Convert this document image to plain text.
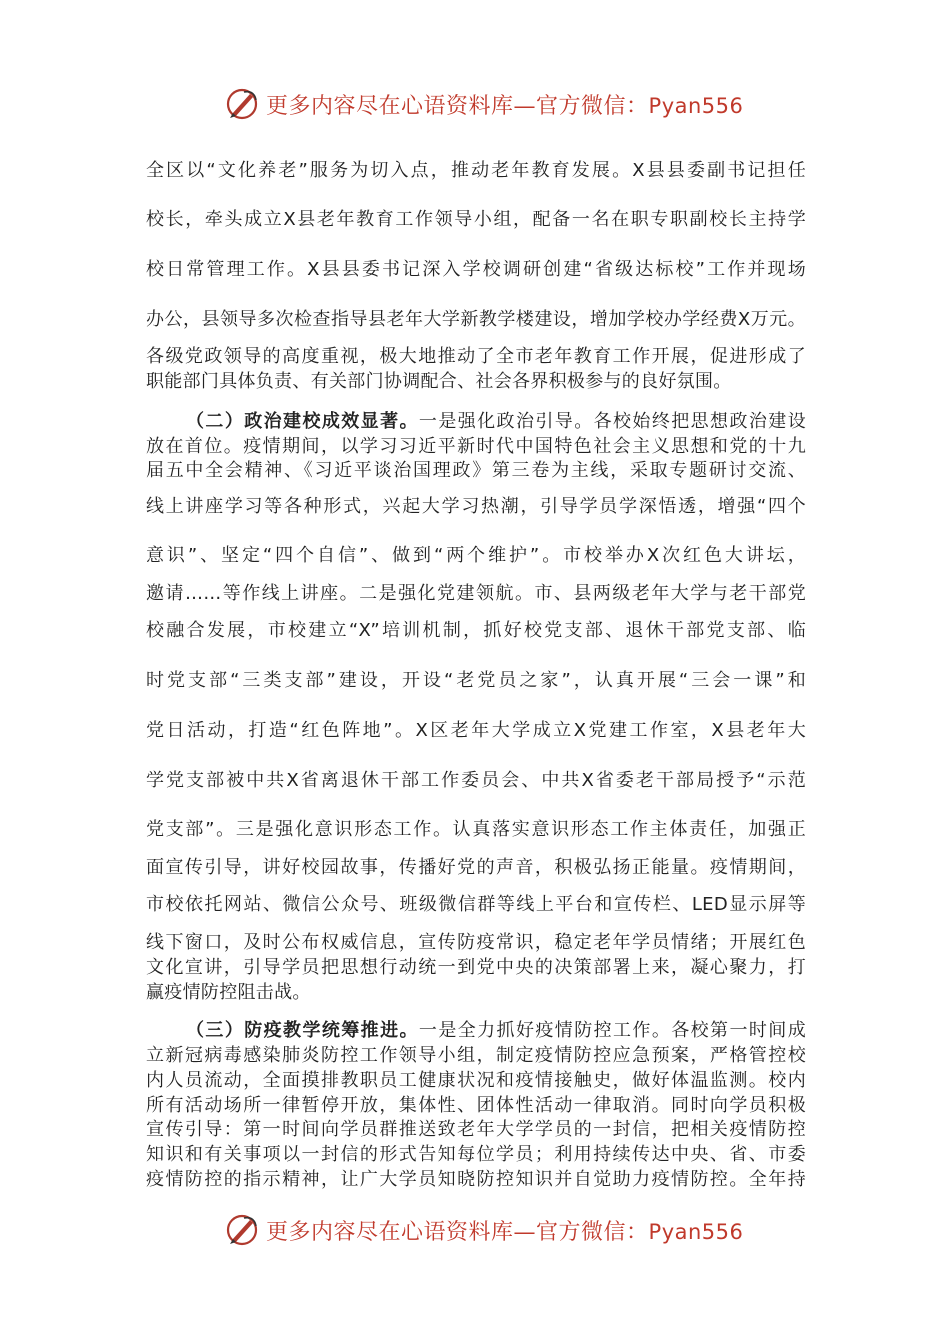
更多内容尽在心语资料库—官方微信：Pyan556
全区以“文化养老”服务为切入点，推动老年教育发展。X县县委副书记担任
校长，牵头成立X县老年教育工作领导小组，配备一名在职专职副校长主持学
校日常管理工作。X县县委书记深入学校调研创建“省级达标校”工作并现场
办公，县领导多次检查指导县老年大学新教学楼建设，增加学校办学经费X万元。
各级党政领导的高度重视，极大地推动了全市老年教育工作开展，促进形成了
职能部门具体负责、有关部门协调配合、社会各界积极参与的良好氛围。
（二）政治建校成效显著。一是强化政治引导。各校始终把思想政治建设
放在首位。疫情期间，以学习习近平新时代中国特色社会主义思想和党的十九
届五中全会精神、《习近平谈治国理政》第三卷为主线，采取专题研讨交流、
线上讲座学习等各种形式，兴起大学习热潮，引导学员学深悟透，增强“四个
意识”、坚定“四个自信”、做到“两个维护”。市校举办X次红色大讲坛，
邀请……等作线上讲座。二是强化党建领航。市、县两级老年大学与老干部党
校融合发展，市校建立“X”培训机制，抓好校党支部、退休干部党支部、临
时党支部“三类支部”建设，开设“老党员之家”，认真开展“三会一课”和
党日活动，打造“红色阵地”。X区老年大学成立X党建工作室，X县老年大
学党支部被中共X省离退休干部工作委员会、中共X省委老干部局授予“示范
党支部”。三是强化意识形态工作。认真落实意识形态工作主体责任，加强正
面宣传引导，讲好校园故事，传播好党的声音，积极弘扬正能量。疫情期间，
市校依托网站、微信公众号、班级微信群等线上平台和宣传栏、LED显示屏等
线下窗口，及时公布权威信息，宣传防疫常识，稳定老年学员情绪；开展红色
文化宣讲，引导学员把思想行动统一到党中央的决策部署上来，凝心聚力，打
赢疫情防控阻击战。
（三）防疫教学统筹推进。一是全力抓好疫情防控工作。各校第一时间成
立新冠病毒感染肺炎防控工作领导小组，制定疫情防控应急预案，严格管控校
内人员流动，全面摸排教职员工健康状况和疫情接触史，做好体温监测。校内
所有活动场所一律暂停开放，集体性、团体性活动一律取消。同时向学员积极
宣传引导：第一时间向学员群推送致老年大学学员的一封信，把相关疫情防控
知识和有关事项以一封信的形式告知每位学员；利用持续传达中央、省、市委
疫情防控的指示精神，让广大学员知晓防控知识并自觉助力疫情防控。全年持
更多内容尽在心语资料库—官方微信：Pyan556
